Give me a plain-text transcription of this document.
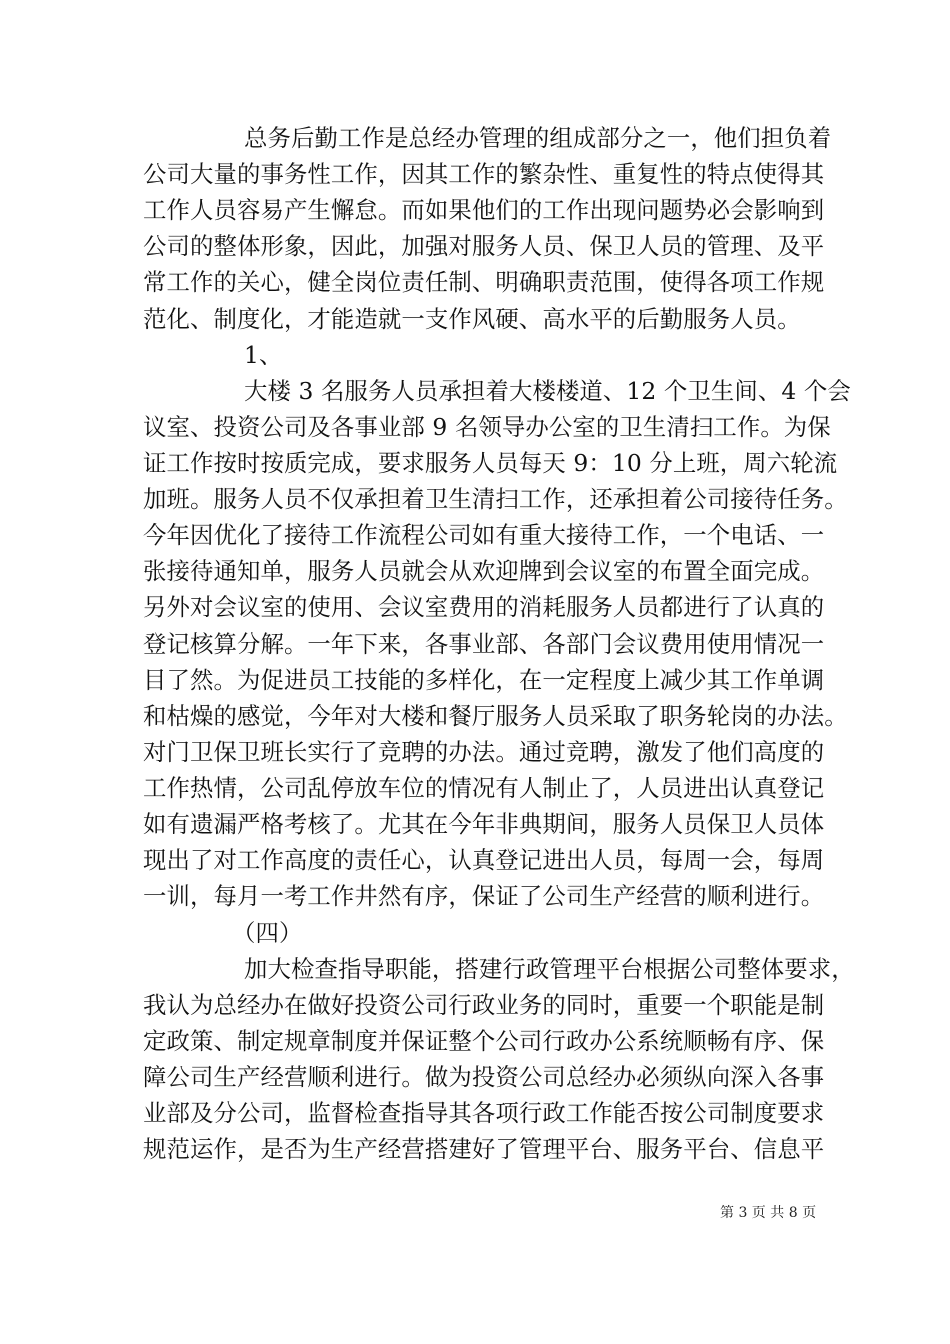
总务后勤工作是总经办管理的组成部分之一，他们担负着
公司大量的事务性工作，因其工作的繁杂性、重复性的特点使得其
工作人员容易产生懈怠。而如果他们的工作出现问题势必会影响到
公司的整体形象，因此，加强对服务人员、保卫人员的管理、及平
常工作的关心，健全岗位责任制、明确职责范围，使得各项工作规
范化、制度化，才能造就一支作风硬、高水平的后勤服务人员。
1、
大楼 3 名服务人员承担着大楼楼道、12 个卫生间、4 个会
议室、投资公司及各事业部 9 名领导办公室的卫生清扫工作。为保
证工作按时按质完成，要求服务人员每天 9：10 分上班，周六轮流
加班。服务人员不仅承担着卫生清扫工作，还承担着公司接待任务。
今年因优化了接待工作流程公司如有重大接待工作，一个电话、一
张接待通知单，服务人员就会从欢迎牌到会议室的布置全面完成。
另外对会议室的使用、会议室费用的消耗服务人员都进行了认真的
登记核算分解。一年下来，各事业部、各部门会议费用使用情况一
目了然。为促进员工技能的多样化，在一定程度上减少其工作单调
和枯燥的感觉，今年对大楼和餐厅服务人员采取了职务轮岗的办法。
对门卫保卫班长实行了竞聘的办法。通过竞聘，激发了他们高度的
工作热情，公司乱停放车位的情况有人制止了，人员进出认真登记
如有遗漏严格考核了。尤其在今年非典期间，服务人员保卫人员体
现出了对工作高度的责任心，认真登记进出人员，每周一会，每周
一训，每月一考工作井然有序，保证了公司生产经营的顺利进行。
（四）
加大检查指导职能，搭建行政管理平台根据公司整体要求，
我认为总经办在做好投资公司行政业务的同时，重要一个职能是制
定政策、制定规章制度并保证整个公司行政办公系统顺畅有序、保
障公司生产经营顺利进行。做为投资公司总经办必须纵向深入各事
业部及分公司，监督检查指导其各项行政工作能否按公司制度要求
规范运作，是否为生产经营搭建好了管理平台、服务平台、信息平
第 3 页 共 8 页
